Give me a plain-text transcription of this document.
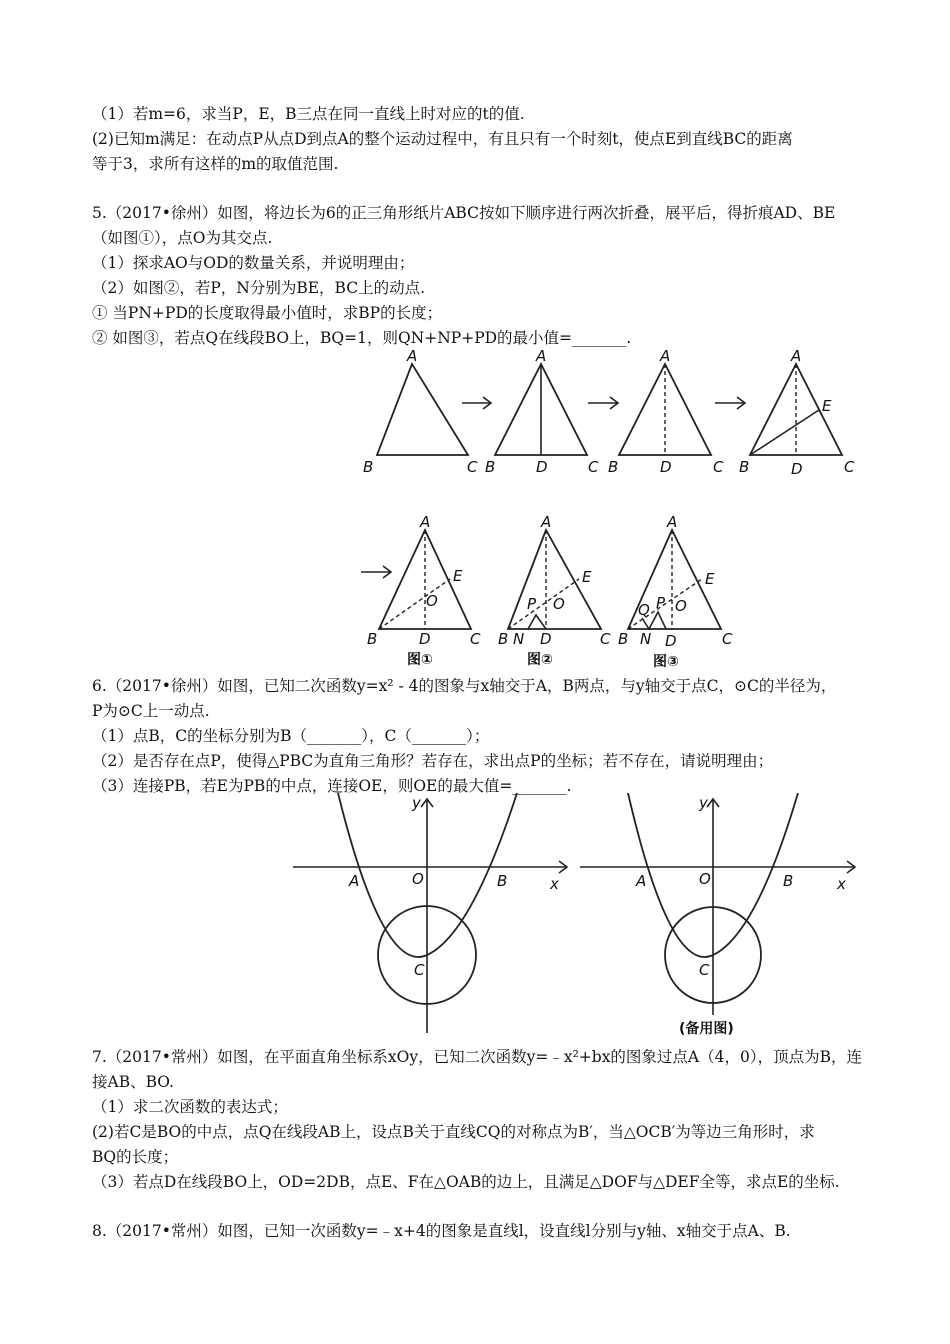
（1）若m=6，求当P，E，B三点在同一直线上时对应的t的值.
(2)已知m满足：在动点P从点D到点A的整个运动过程中，有且只有一个时刻t，使点E到直线BC的距离
等于3，求所有这样的m的取值范围.
5.（2017•徐州）如图，将边长为6的正三角形纸片ABC按如下顺序进行两次折叠，展平后，得折痕AD、BE
（如图①），点O为其交点.
（1）探求AO与OD的数量关系，并说明理由；
（2）如图②，若P，N分别为BE，BC上的动点.
① 当PN+PD的长度取得最小值时，求BP的长度；
② 如图③，若点Q在线段BO上，BQ=1，则QN+NP+PD的最小值=_______.
A
B	C
A
B	D	C
A
B	D	C
A
E
B	D	C
A
E
O
B	D	C
图①
A
E
P O
B N D	C
图②
A
E
Q P O
B N D	C
图③
6.（2017•徐州）如图，已知二次函数y=x² - 4的图象与x轴交于A，B两点，与y轴交于点C，⊙C的半径为，
P为⊙C上一动点.
（1）点B，C的坐标分别为B（_______），C（_______）；
（2）是否存在点P，使得△PBC为直角三角形？若存在，求出点P的坐标；若不存在，请说明理由；
（3）连接PB，若E为PB的中点，连接OE，则OE的最大值=_______.
y
A	O	B	x
C
y
A	O	B	x
C
(备用图)
7.（2017•常州）如图，在平面直角坐标系xOy，已知二次函数y=﹣x²+bx的图象过点A（4，0），顶点为B，连
接AB、BO.
（1）求二次函数的表达式；
(2)若C是BO的中点，点Q在线段AB上，设点B关于直线CQ的对称点为B′，当△OCB′为等边三角形时，求
BQ的长度；
（3）若点D在线段BO上，OD=2DB，点E、F在△OAB的边上，且满足△DOF与△DEF全等，求点E的坐标.
8.（2017•常州）如图，已知一次函数y=﹣x+4的图象是直线l，设直线l分别与y轴、x轴交于点A、B.
